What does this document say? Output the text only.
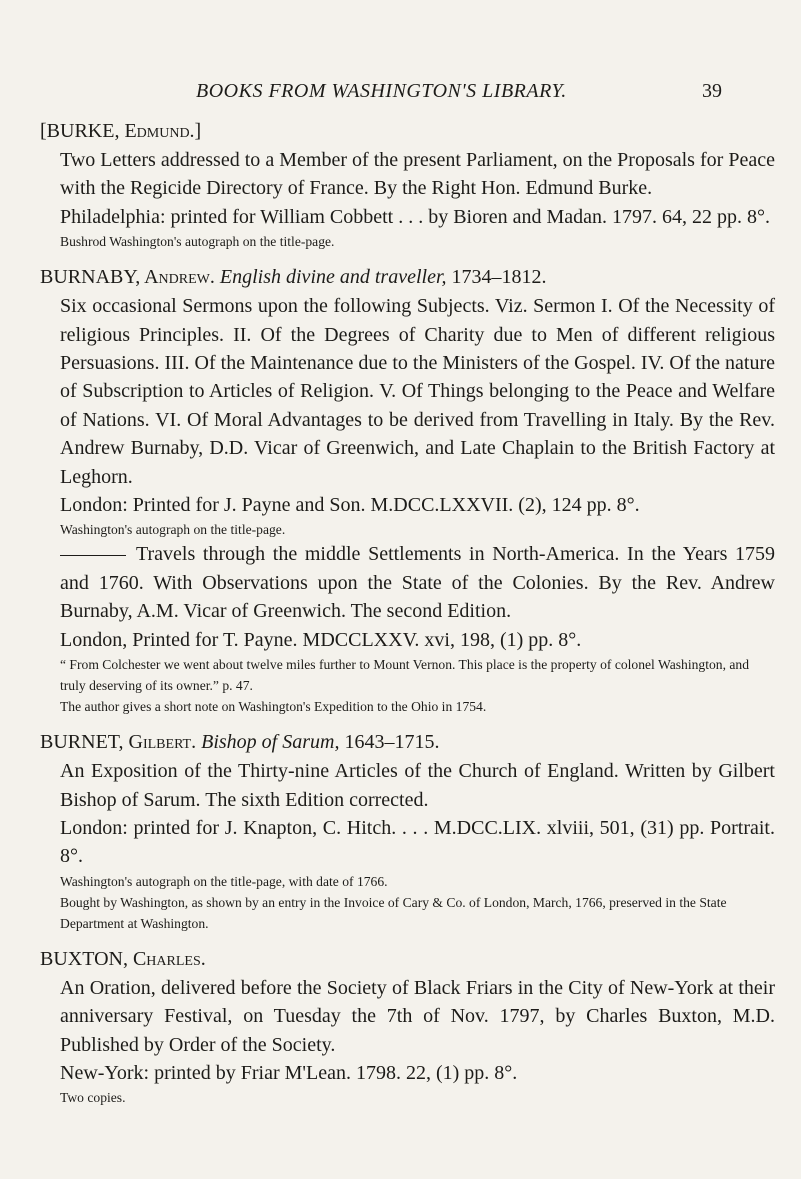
BOOKS FROM WASHINGTON'S LIBRARY.	39

[BURKE, Edmund.]

Two Letters addressed to a Member of the present Parliament, on the Proposals for Peace with the Regicide Directory of France. By the Right Hon. Edmund Burke.

Philadelphia: printed for William Cobbett . . . by Bioren and Madan. 1797. 64, 22 pp. 8°.

Bushrod Washington's autograph on the title-page.

BURNABY, Andrew. English divine and traveller, 1734–1812.

Six occasional Sermons upon the following Subjects. Viz. Sermon I. Of the Necessity of religious Principles. II. Of the Degrees of Charity due to Men of different religious Persuasions. III. Of the Maintenance due to the Ministers of the Gospel. IV. Of the nature of Subscription to Articles of Religion. V. Of Things belonging to the Peace and Welfare of Nations. VI. Of Moral Advantages to be derived from Travelling in Italy. By the Rev. Andrew Burnaby, D.D. Vicar of Greenwich, and Late Chaplain to the British Factory at Leghorn.

London: Printed for J. Payne and Son. M.DCC.LXXVII. (2), 124 pp. 8°.

Washington's autograph on the title-page.

Travels through the middle Settlements in North-America. In the Years 1759 and 1760. With Observations upon the State of the Colonies. By the Rev. Andrew Burnaby, A.M. Vicar of Greenwich. The second Edition.

London, Printed for T. Payne. MDCCLXXV. xvi, 198, (1) pp. 8°.

“ From Colchester we went about twelve miles further to Mount Vernon. This place is the property of colonel Washington, and truly deserving of its owner.” p. 47.

The author gives a short note on Washington's Expedition to the Ohio in 1754.

BURNET, Gilbert. Bishop of Sarum, 1643–1715.

An Exposition of the Thirty-nine Articles of the Church of England. Written by Gilbert Bishop of Sarum. The sixth Edition corrected.

London: printed for J. Knapton, C. Hitch. . . . M.DCC.LIX. xlviii, 501, (31) pp. Portrait. 8°.

Washington's autograph on the title-page, with date of 1766.

Bought by Washington, as shown by an entry in the Invoice of Cary & Co. of London, March, 1766, preserved in the State Department at Washington.

BUXTON, Charles.

An Oration, delivered before the Society of Black Friars in the City of New-York at their anniversary Festival, on Tuesday the 7th of Nov. 1797, by Charles Buxton, M.D. Published by Order of the Society.

New-York: printed by Friar M'Lean. 1798. 22, (1) pp. 8°.

Two copies.
